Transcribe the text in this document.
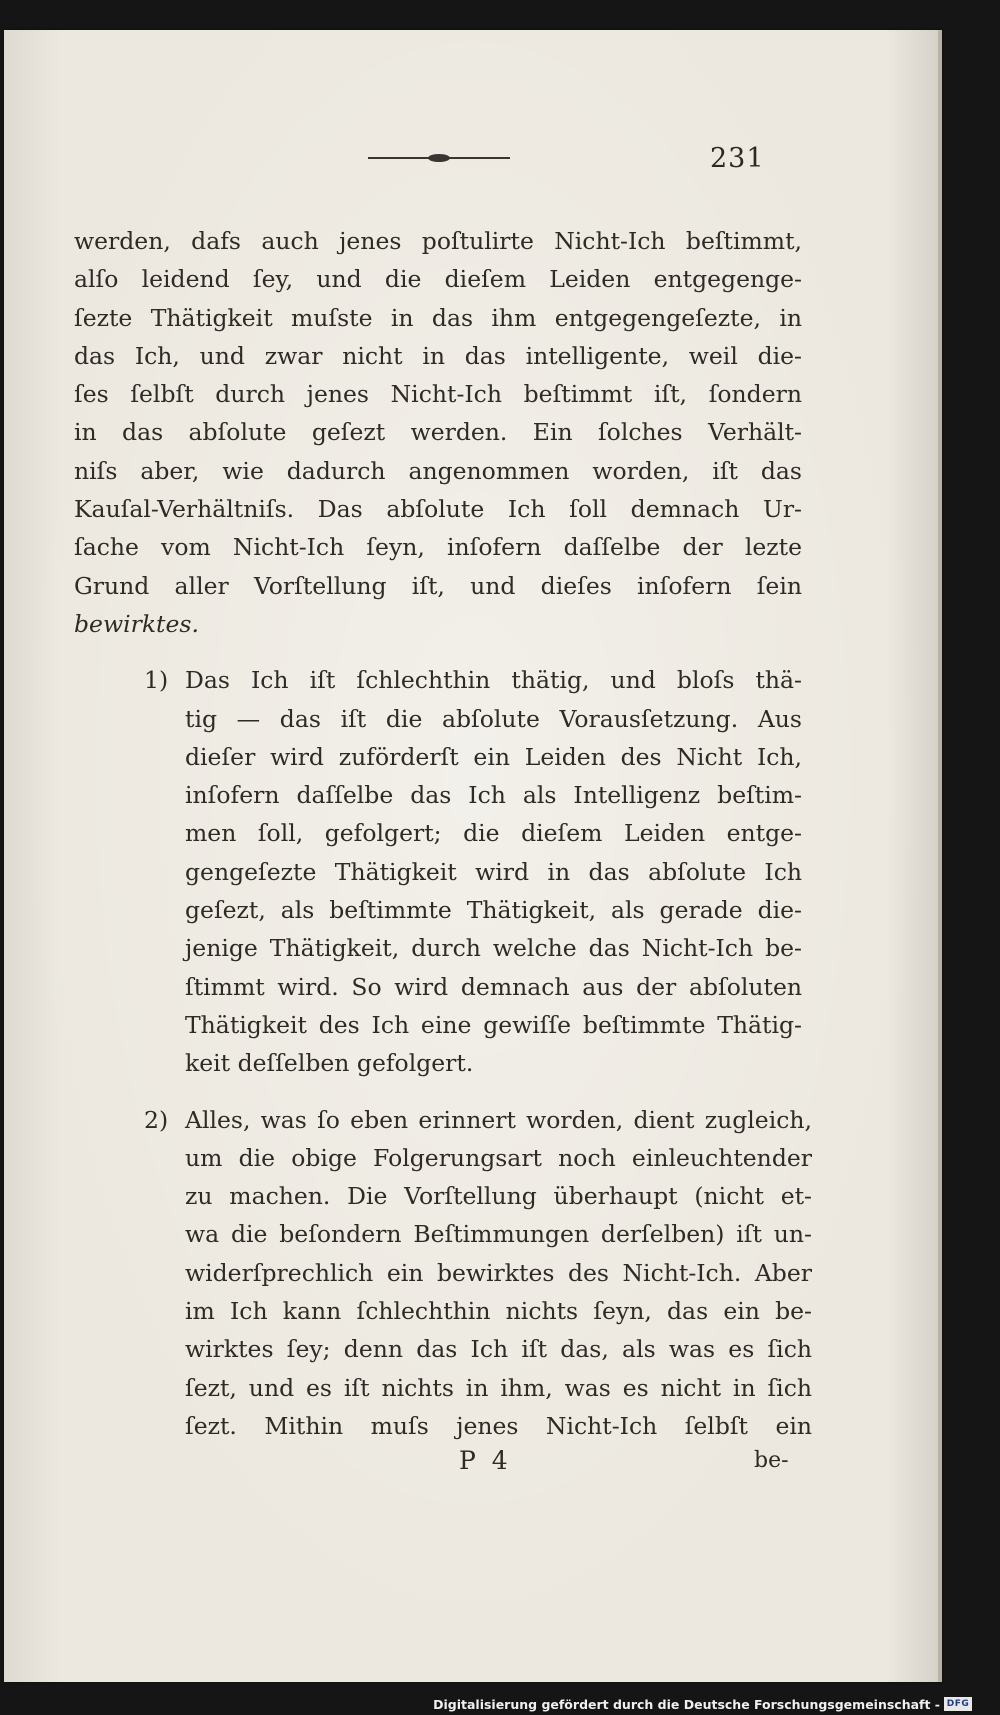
231
werden, dafs auch jenes poſtulirte Nicht-Ich beſtimmt,
alſo leidend ſey, und die dieſem Leiden entgegenge-
ſezte Thätigkeit muſste in das ihm entgegengeſezte, in
das Ich, und zwar nicht in das intelligente, weil die-
ſes ſelbſt durch jenes Nicht-Ich beſtimmt iſt, ſondern
in das abſolute geſezt werden. Ein ſolches Verhält-
niſs aber, wie dadurch angenommen worden, iſt das
Kauſal-Verhältniſs. Das abſolute Ich ſoll demnach Ur-
ſache vom Nicht-Ich ſeyn, inſofern daſſelbe der lezte
Grund aller Vorſtellung iſt, und dieſes inſofern ſein
bewirktes.
1) Das Ich iſt ſchlechthin thätig, und bloſs thä-
tig — das iſt die abſolute Vorausſetzung. Aus
dieſer wird zuförderſt ein Leiden des Nicht Ich,
inſofern daſſelbe das Ich als Intelligenz beſtim-
men ſoll, gefolgert; die dieſem Leiden entge-
gengeſezte Thätigkeit wird in das abſolute Ich
geſezt, als beſtimmte Thätigkeit, als gerade die-
jenige Thätigkeit, durch welche das Nicht-Ich be-
ſtimmt wird. So wird demnach aus der abſoluten
Thätigkeit des Ich eine gewiſſe beſtimmte Thätig-
keit deſſelben gefolgert.
2) Alles, was ſo eben erinnert worden, dient zugleich,
um die obige Folgerungsart noch einleuchtender
zu machen. Die Vorſtellung überhaupt (nicht et-
wa die beſondern Beſtimmungen derſelben) iſt un-
widerſprechlich ein bewirktes des Nicht-Ich. Aber
im Ich kann ſchlechthin nichts ſeyn, das ein be-
wirktes ſey; denn das Ich iſt das, als was es ſich
ſezt, und es iſt nichts in ihm, was es nicht in ſich
ſezt. Mithin muſs jenes Nicht-Ich ſelbſt ein
P 4	be-
Digitalisierung gefördert durch die Deutsche Forschungsgemeinschaft - DFG
